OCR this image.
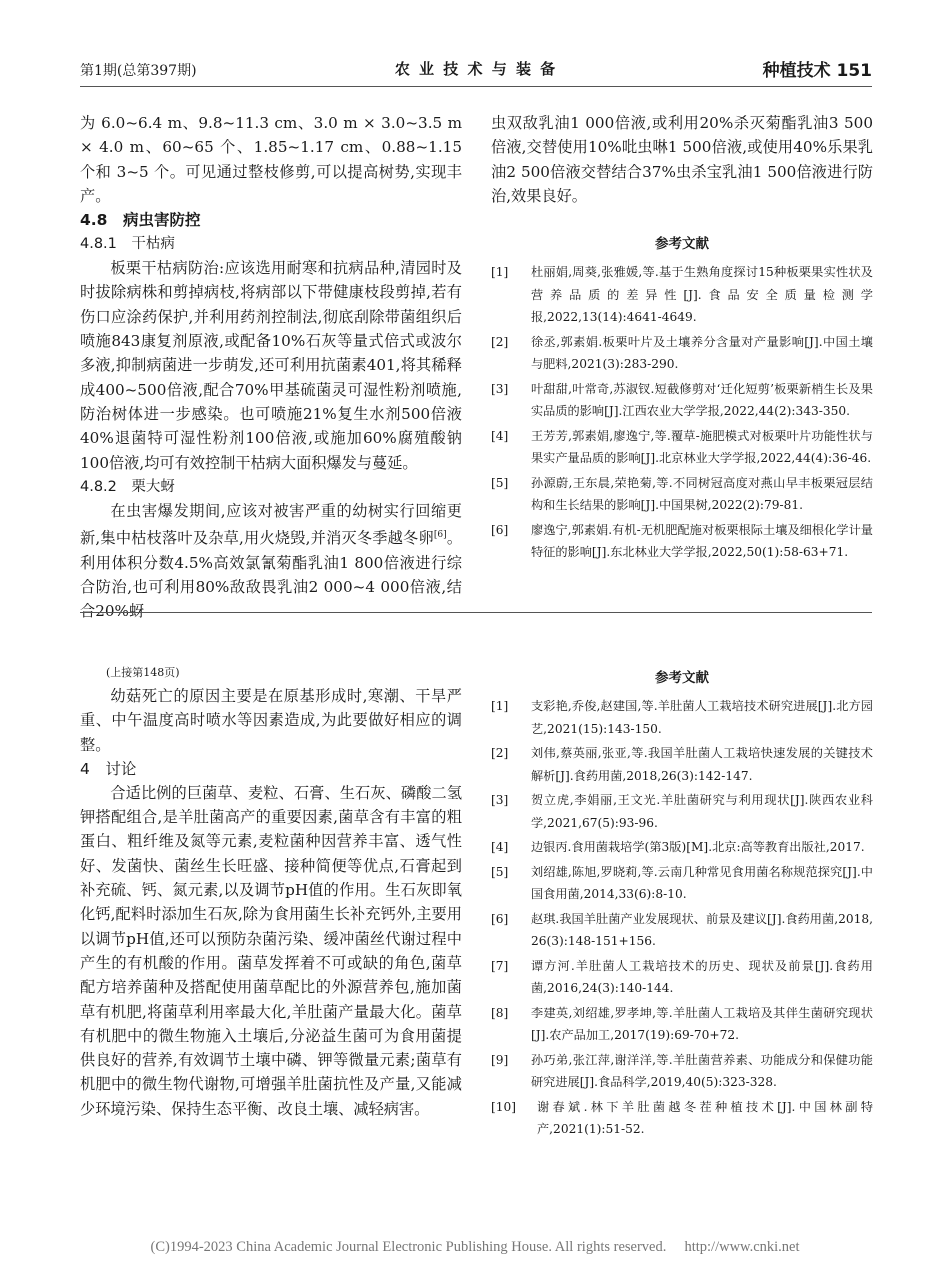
第1期(总第397期)	农 业 技 术 与 装 备	种植技术 151

为 6.0~6.4 m、9.8~11.3 cm、3.0 m × 3.0~3.5 m × 4.0 m、60~65 个、1.85~1.17 cm、0.88~1.15 个和 3~5 个。可见通过整枝修剪,可以提高树势,实现丰产。

4.8　病虫害防控
4.8.1　干枯病

板栗干枯病防治:应该选用耐寒和抗病品种,清园时及时拔除病株和剪掉病枝,将病部以下带健康枝段剪掉,若有伤口应涂药保护,并利用药剂控制法,彻底刮除带菌组织后喷施843康复剂原液,或配备10%石灰等量式倍式或波尔多液,抑制病菌进一步萌发,还可利用抗菌素401,将其稀释成400~500倍液,配合70%甲基硫菌灵可湿性粉剂喷施,防治树体进一步感染。也可喷施21%复生水剂500倍液40%退菌特可湿性粉剂100倍液,或施加60%腐殖酸钠100倍液,均可有效控制干枯病大面积爆发与蔓延。

4.8.2　栗大蚜

在虫害爆发期间,应该对被害严重的幼树实行回缩更新,集中枯枝落叶及杂草,用火烧毁,并消灭冬季越冬卵[6]。利用体积分数4.5%高效氯氰菊酯乳油1 800倍液进行综合防治,也可利用80%敌敌畏乳油2 000~4 000倍液,结合20%蚜

虫双敌乳油1 000倍液,或利用20%杀灭菊酯乳油3 500倍液,交替使用10%吡虫啉1 500倍液,或使用40%乐果乳油2 500倍液交替结合37%虫杀宝乳油1 500倍液进行防治,效果良好。

参考文献
[1] 杜丽娟,周葵,张雅媛,等.基于生熟角度探讨15种板栗果实性状及营养品质的差异性[J].食品安全质量检测学报,2022,13(14):4641-4649.
[2] 徐丞,郭素娟.板栗叶片及土壤养分含量对产量影响[J].中国土壤与肥料,2021(3):283-290.
[3] 叶甜甜,叶常奇,苏淑钗.短截修剪对‘迁化短剪’板栗新梢生长及果实品质的影响[J].江西农业大学学报,2022,44(2):343-350.
[4] 王芳芳,郭素娟,廖逸宁,等.覆草-施肥模式对板栗叶片功能性状与果实产量品质的影响[J].北京林业大学学报,2022,44(4):36-46.
[5] 孙源蔚,王东晨,荣艳菊,等.不同树冠高度对燕山早丰板栗冠层结构和生长结果的影响[J].中国果树,2022(2):79-81.
[6] 廖逸宁,郭素娟.有机-无机肥配施对板栗根际土壤及细根化学计量特征的影响[J].东北林业大学学报,2022,50(1):58-63+71.
(上接第148页)

幼菇死亡的原因主要是在原基形成时,寒潮、干旱严重、中午温度高时喷水等因素造成,为此要做好相应的调整。

4　讨论

合适比例的巨菌草、麦粒、石膏、生石灰、磷酸二氢钾搭配组合,是羊肚菌高产的重要因素,菌草含有丰富的粗蛋白、粗纤维及氮等元素,麦粒菌种因营养丰富、透气性好、发菌快、菌丝生长旺盛、接种简便等优点,石膏起到补充硫、钙、氮元素,以及调节pH值的作用。生石灰即氧化钙,配料时添加生石灰,除为食用菌生长补充钙外,主要用以调节pH值,还可以预防杂菌污染、缓冲菌丝代谢过程中产生的有机酸的作用。菌草发挥着不可或缺的角色,菌草配方培养菌种及搭配使用菌草配比的外源营养包,施加菌草有机肥,将菌草利用率最大化,羊肚菌产量最大化。菌草有机肥中的微生物施入土壤后,分泌益生菌可为食用菌提供良好的营养,有效调节土壤中磷、钾等微量元素;菌草有机肥中的微生物代谢物,可增强羊肚菌抗性及产量,又能减少环境污染、保持生态平衡、改良土壤、减轻病害。

参考文献
[1] 支彩艳,乔俊,赵建国,等.羊肚菌人工栽培技术研究进展[J].北方园艺,2021(15):143-150.
[2] 刘伟,蔡英丽,张亚,等.我国羊肚菌人工栽培快速发展的关键技术解析[J].食药用菌,2018,26(3):142-147.
[3] 贺立虎,李娟丽,王文光.羊肚菌研究与利用现状[J].陕西农业科学,2021,67(5):93-96.
[4] 边银丙.食用菌栽培学(第3版)[M].北京:高等教育出版社,2017.
[5] 刘绍雄,陈旭,罗晓莉,等.云南几种常见食用菌名称规范探究[J].中国食用菌,2014,33(6):8-10.
[6] 赵琪.我国羊肚菌产业发展现状、前景及建议[J].食药用菌,2018, 26(3):148-151+156.
[7] 谭方河.羊肚菌人工栽培技术的历史、现状及前景[J].食药用菌,2016,24(3):140-144.
[8] 李建英,刘绍雄,罗孝坤,等.羊肚菌人工栽培及其伴生菌研究现状[J].农产品加工,2017(19):69-70+72.
[9] 孙巧弟,张江萍,谢洋洋,等.羊肚菌营养素、功能成分和保健功能研究进展[J].食品科学,2019,40(5):323-328.
[10] 谢春斌.林下羊肚菌越冬茬种植技术[J].中国林副特产,2021(1):51-52.
(C)1994-2023 China Academic Journal Electronic Publishing House. All rights reserved.　 http://www.cnki.net
